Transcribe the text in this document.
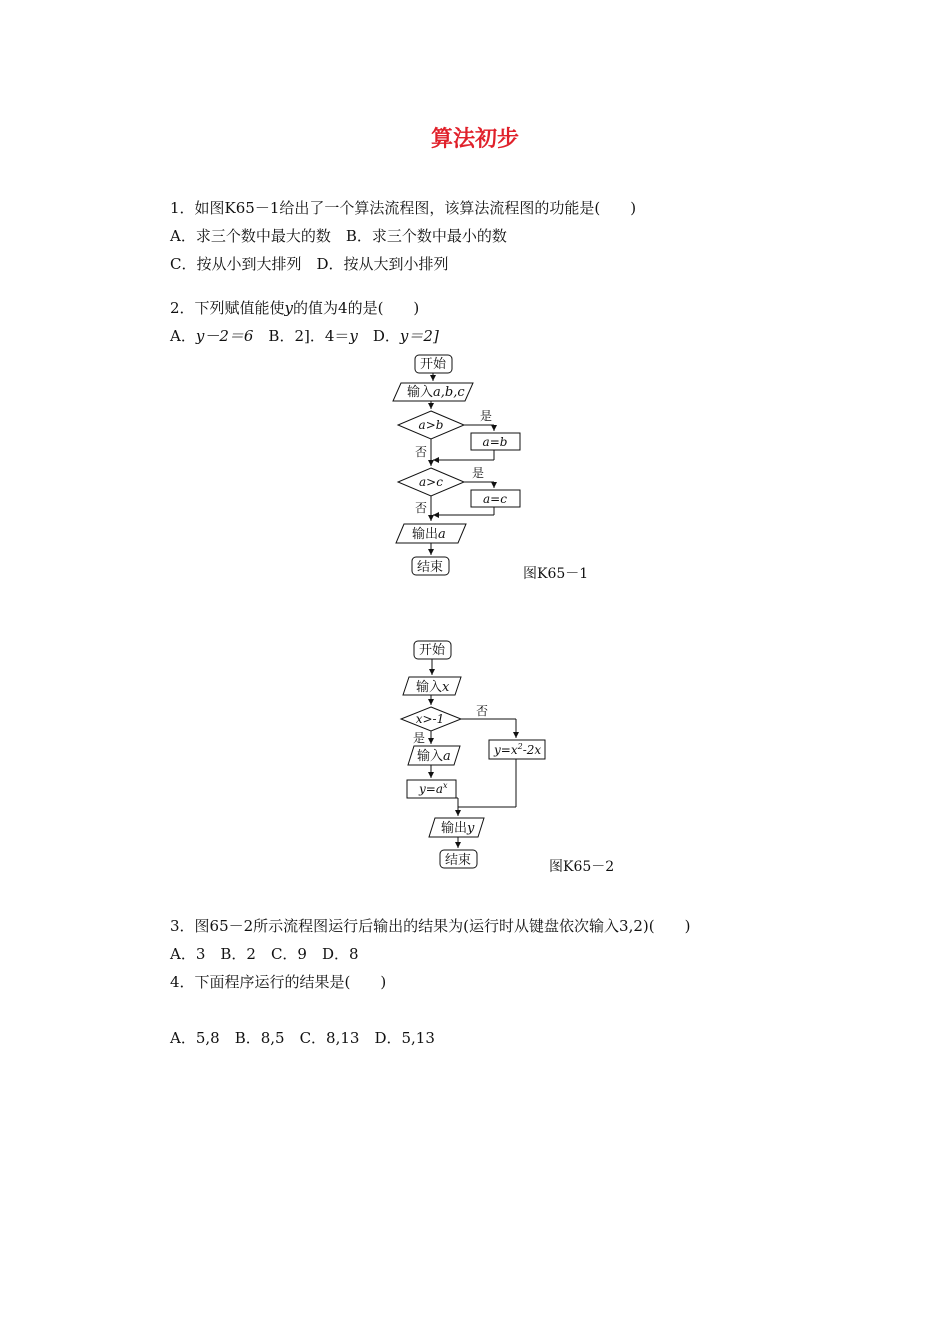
算法初步
1．如图K65－1给出了一个算法流程图，该算法流程图的功能是(　　)
A．求三个数中最大的数　B．求三个数中最小的数
C．按从小到大排列　D．按从大到小排列
2．下列赋值能使y的值为4的是(　　)
A．y－2＝6　 B．2]．4＝y　 D．y＝2]
开始
输入a,b,c
a>b
是
a=b
否
a>c
是
a=c
否
输出a
结束
开始
输入x
x>-1
否
是
$y=x^2-2x$
输入a
$y=a^x$
输出y
结束
图K65－1
图K65－2
3．图65－2所示流程图运行后输出的结果为(运行时从键盘依次输入3,2)(　　)
A．3　B．2　C．9　D．8
4．下面程序运行的结果是(　　)
A．5,8　B．8,5　C．8,13　D．5,13
